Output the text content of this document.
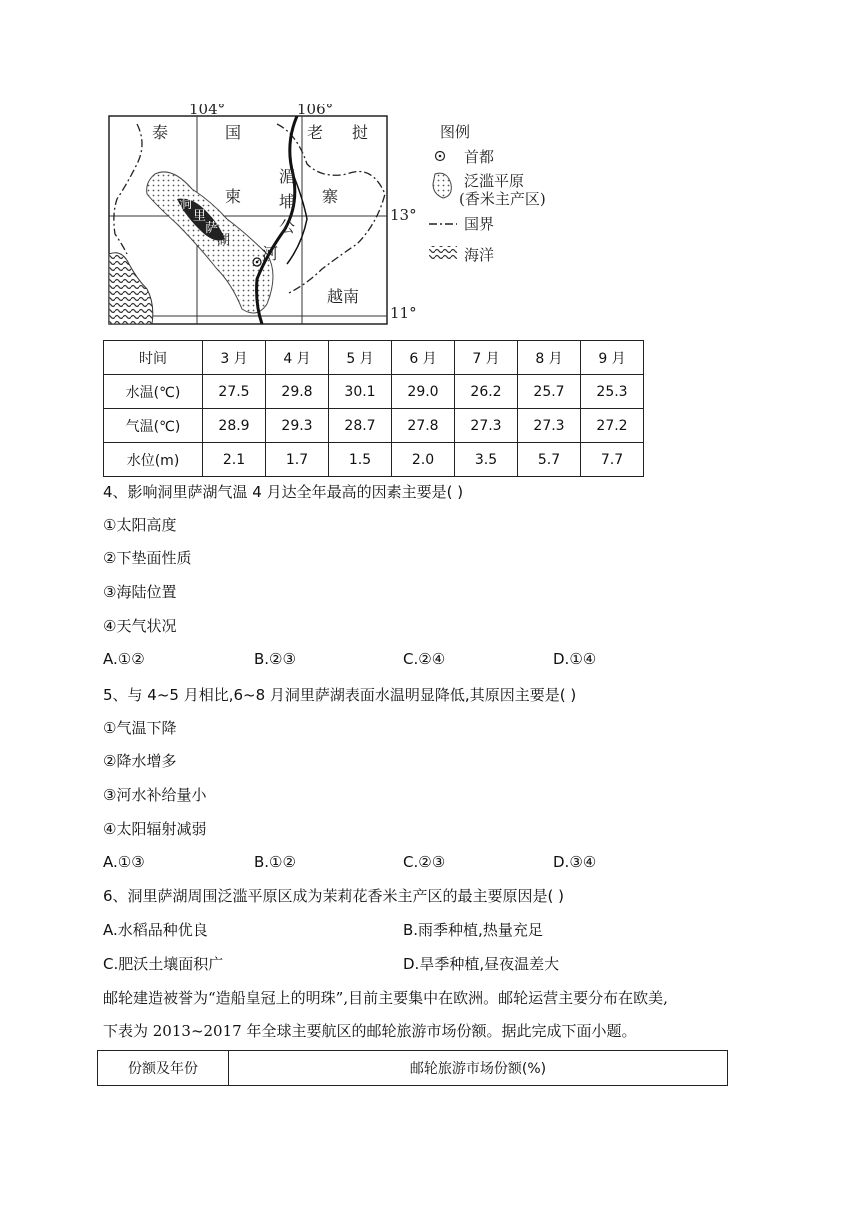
104°	106°
13°
11°
泰	国	老 挝
柬	寨
越南
湄
埔
公
河
洞
里
萨
湖
图例
首都
泛滥平原
(香米主产区)
国界
海洋
时间	3 月	4 月	5 月	6 月	7 月	8 月	9 月
水温(℃)	27.5	29.8	30.1	29.0	26.2	25.7	25.3
气温(℃)	28.9	29.3	28.7	27.8	27.3	27.3	27.2
水位(m)	2.1	1.7	1.5	2.0	3.5	5.7	7.7
4、影响洞里萨湖气温 4 月达全年最高的因素主要是( )
①太阳高度
②下垫面性质
③海陆位置
④天气状况
A.①②	B.②③	C.②④	D.①④
5、与 4~5 月相比,6~8 月洞里萨湖表面水温明显降低,其原因主要是( )
①气温下降
②降水增多
③河水补给量小
④太阳辐射减弱
A.①③	B.①②	C.②③	D.③④
6、洞里萨湖周围泛滥平原区成为茉莉花香米主产区的最主要原因是( )
A.水稻品种优良	B.雨季种植,热量充足
C.肥沃土壤面积广	D.旱季种植,昼夜温差大
邮轮建造被誉为“造船皇冠上的明珠”,目前主要集中在欧洲。邮轮运营主要分布在欧美,
下表为 2013~2017 年全球主要航区的邮轮旅游市场份额。据此完成下面小题。
份额及年份	邮轮旅游市场份额(%)
